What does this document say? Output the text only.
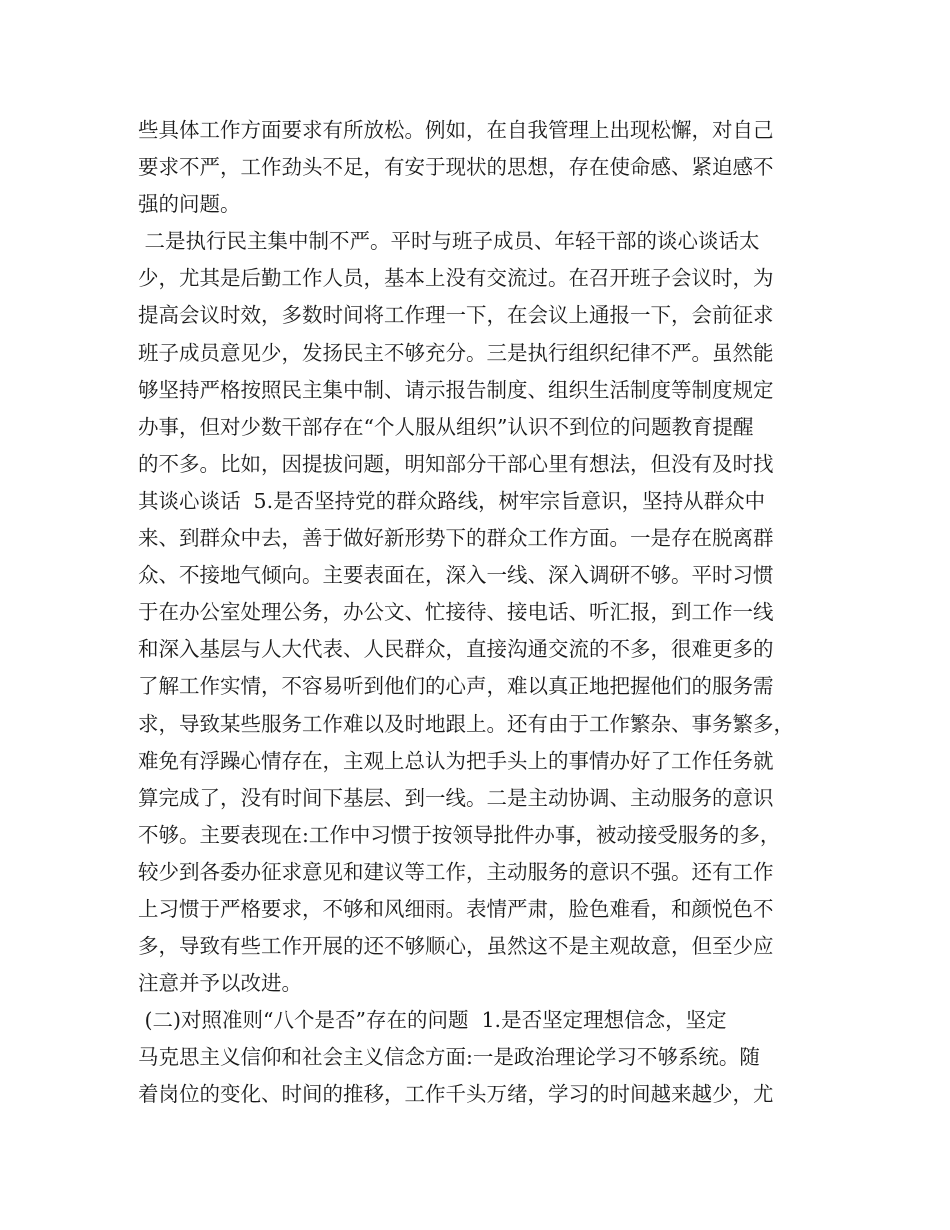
些具体工作方面要求有所放松。例如，在自我管理上出现松懈，对自己
要求不严，工作劲头不足，有安于现状的思想，存在使命感、紧迫感不
强的问题。
二是执行民主集中制不严。平时与班子成员、年轻干部的谈心谈话太
少，尤其是后勤工作人员，基本上没有交流过。在召开班子会议时，为
提高会议时效，多数时间将工作理一下，在会议上通报一下，会前征求
班子成员意见少，发扬民主不够充分。三是执行组织纪律不严。虽然能
够坚持严格按照民主集中制、请示报告制度、组织生活制度等制度规定
办事，但对少数干部存在“个人服从组织”认识不到位的问题教育提醒
的不多。比如，因提拔问题，明知部分干部心里有想法，但没有及时找
其谈心谈话  5.是否坚持党的群众路线，树牢宗旨意识，坚持从群众中
来、到群众中去，善于做好新形势下的群众工作方面。一是存在脱离群
众、不接地气倾向。主要表面在，深入一线、深入调研不够。平时习惯
于在办公室处理公务，办公文、忙接待、接电话、听汇报，到工作一线
和深入基层与人大代表、人民群众，直接沟通交流的不多，很难更多的
了解工作实情，不容易听到他们的心声，难以真正地把握他们的服务需
求，导致某些服务工作难以及时地跟上。还有由于工作繁杂、事务繁多，
难免有浮躁心情存在，主观上总认为把手头上的事情办好了工作任务就
算完成了，没有时间下基层、到一线。二是主动协调、主动服务的意识
不够。主要表现在:工作中习惯于按领导批件办事，被动接受服务的多，
较少到各委办征求意见和建议等工作，主动服务的意识不强。还有工作
上习惯于严格要求，不够和风细雨。表情严肃，脸色难看，和颜悦色不
多，导致有些工作开展的还不够顺心，虽然这不是主观故意，但至少应
注意并予以改进。
(二)对照准则“八个是否”存在的问题  1.是否坚定理想信念，坚定
马克思主义信仰和社会主义信念方面:一是政治理论学习不够系统。随
着岗位的变化、时间的推移，工作千头万绪，学习的时间越来越少，尤
